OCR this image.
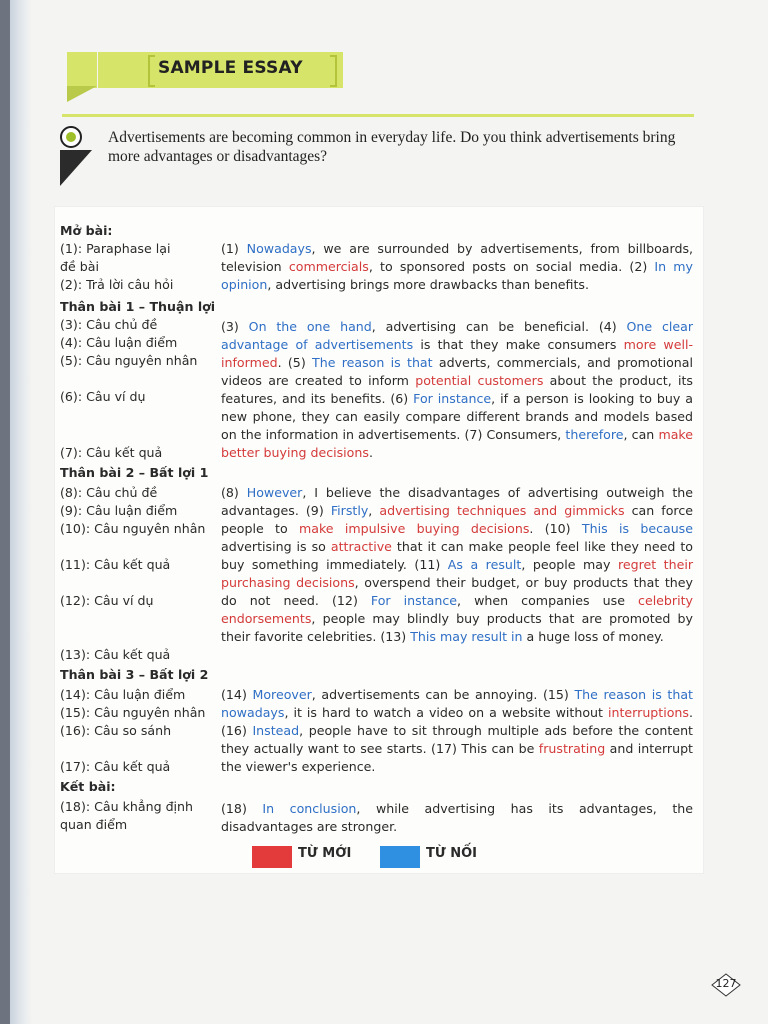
SAMPLE ESSAY
Advertisements are becoming common in everyday life. Do you think advertisements bring more advantages or disadvantages?
Mở bài:
(1): Paraphase lại
đề bài
(2): Trả lời câu hỏi
Thân bài 1 – Thuận lợi
(3): Câu chủ đề
(4): Câu luận điểm
(5): Câu nguyên nhân
(6): Câu ví dụ
(7): Câu kết quả
Thân bài 2 – Bất lợi 1
(8): Câu chủ đề
(9): Câu luận điểm
(10): Câu nguyên nhân
(11): Câu kết quả
(12): Câu ví dụ
(13): Câu kết quả
Thân bài 3 – Bất lợi 2
(14): Câu luận điểm
(15): Câu nguyên nhân
(16): Câu so sánh
(17): Câu kết quả
Kết bài:
(18): Câu khẳng định
quan điểm
(1) Nowadays, we are surrounded by advertisements, from billboards, television commercials, to sponsored posts on social media. (2) In my opinion, advertising brings more drawbacks than benefits.
(3) On the one hand, advertising can be beneficial. (4) One clear advantage of advertisements is that they make consumers more well-informed. (5) The reason is that adverts, commercials, and promotional videos are created to inform potential customers about the product, its features, and its benefits. (6) For instance, if a person is looking to buy a new phone, they can easily compare different brands and models based on the information in advertisements. (7) Consumers, therefore, can make better buying decisions.
(8) However, I believe the disadvantages of advertising outweigh the advantages. (9) Firstly, advertising techniques and gimmicks can force people to make impulsive buying decisions. (10) This is because advertising is so attractive that it can make people feel like they need to buy something immediately. (11) As a result, people may regret their purchasing decisions, overspend their budget, or buy products that they do not need. (12) For instance, when companies use celebrity endorsements, people may blindly buy products that are promoted by their favorite celebrities. (13) This may result in a huge loss of money.
(14) Moreover, advertisements can be annoying. (15) The reason is that nowadays, it is hard to watch a video on a website without interruptions. (16) Instead, people have to sit through multiple ads before the content they actually want to see starts. (17) This can be frustrating and interrupt the viewer's experience.
(18) In conclusion, while advertising has its advantages, the disadvantages are stronger.
TỪ MỚI	TỪ NỐI
127
